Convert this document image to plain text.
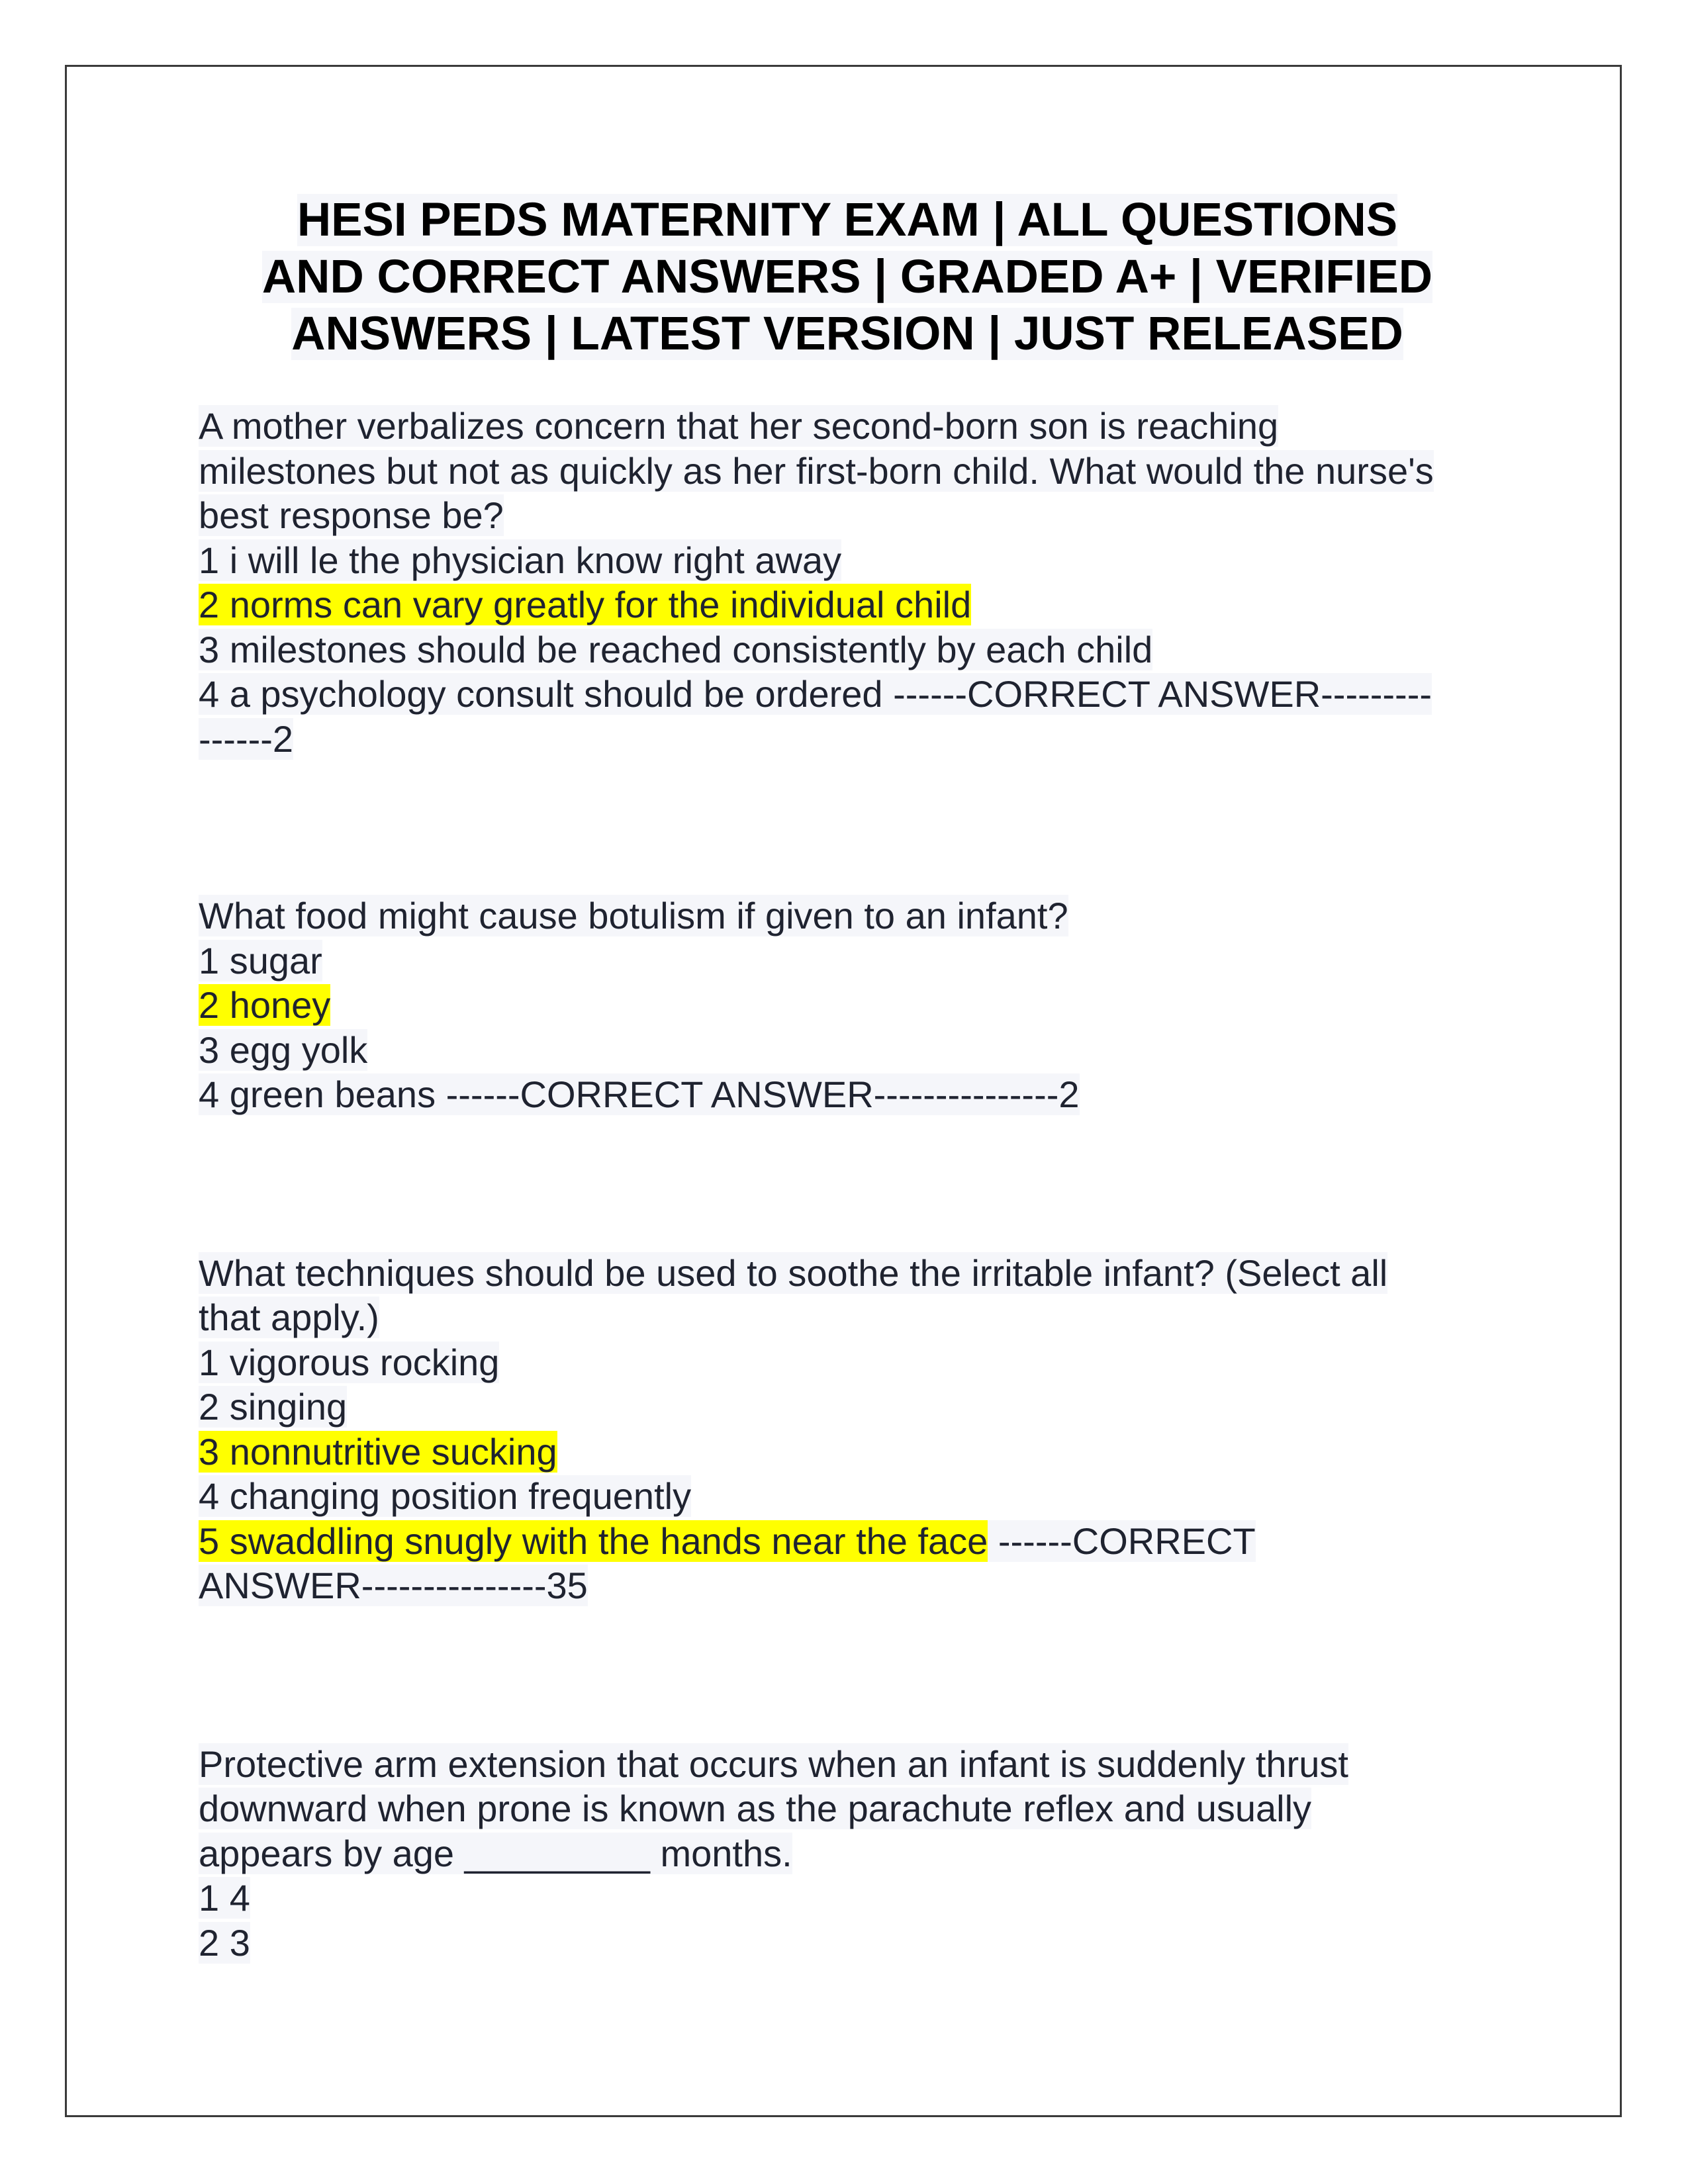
HESI PEDS MATERNITY EXAM | ALL QUESTIONS
AND CORRECT ANSWERS | GRADED A+ | VERIFIED
ANSWERS | LATEST VERSION | JUST RELEASED
A mother verbalizes concern that her second-born son is reaching
milestones but not as quickly as her first-born child. What would the nurse's
best response be?
1 i will le the physician know right away
2 norms can vary greatly for the individual child
3 milestones should be reached consistently by each child
4 a psychology consult should be ordered ------CORRECT ANSWER---------
------2
What food might cause botulism if given to an infant?
1 sugar
2 honey
3 egg yolk
4 green beans ------CORRECT ANSWER---------------2
What techniques should be used to soothe the irritable infant? (Select all
that apply.)
1 vigorous rocking
2 singing
3 nonnutritive sucking
4 changing position frequently
5 swaddling snugly with the hands near the face ------CORRECT
ANSWER---------------35
Protective arm extension that occurs when an infant is suddenly thrust
downward when prone is known as the parachute reflex and usually
appears by age _________ months.
1 4
2 3
